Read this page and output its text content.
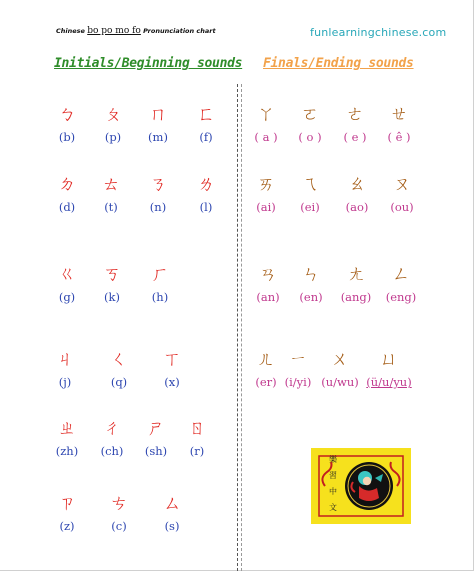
Chinese bo po mo fo Pronunciation chart	funlearningchinese.com
Initials/Beginning sounds Finals/Ending sounds
ㄅ
(b)
ㄆ
(p)
ㄇ
(m)
ㄈ
(f)
ㄉ
(d)
ㄊ
(t)
ㄋ
(n)
ㄌ
(l)
ㄍ
(g)
ㄎ
(k)
ㄏ
(h)
ㄐ
(j)
ㄑ
(q)
ㄒ
(x)
ㄓ
(zh)
ㄔ
(ch)
ㄕ
(sh)
ㄖ
(r)
ㄗ
(z)
ㄘ
(c)
ㄙ
(s)
ㄚ
( a )
ㄛ
( o )
ㄜ
( e )
ㄝ
( ê )
ㄞ
(ai)
ㄟ
(ei)
ㄠ
(ao)
ㄡ
(ou)
ㄢ
(an)
ㄣ
(en)
ㄤ
(ang)
ㄥ
(eng)
ㄦ
(er)
ㄧ
(i/yi)
ㄨ
(u/wu)
ㄩ
(ü/u/yu)
樂
習
中
文
